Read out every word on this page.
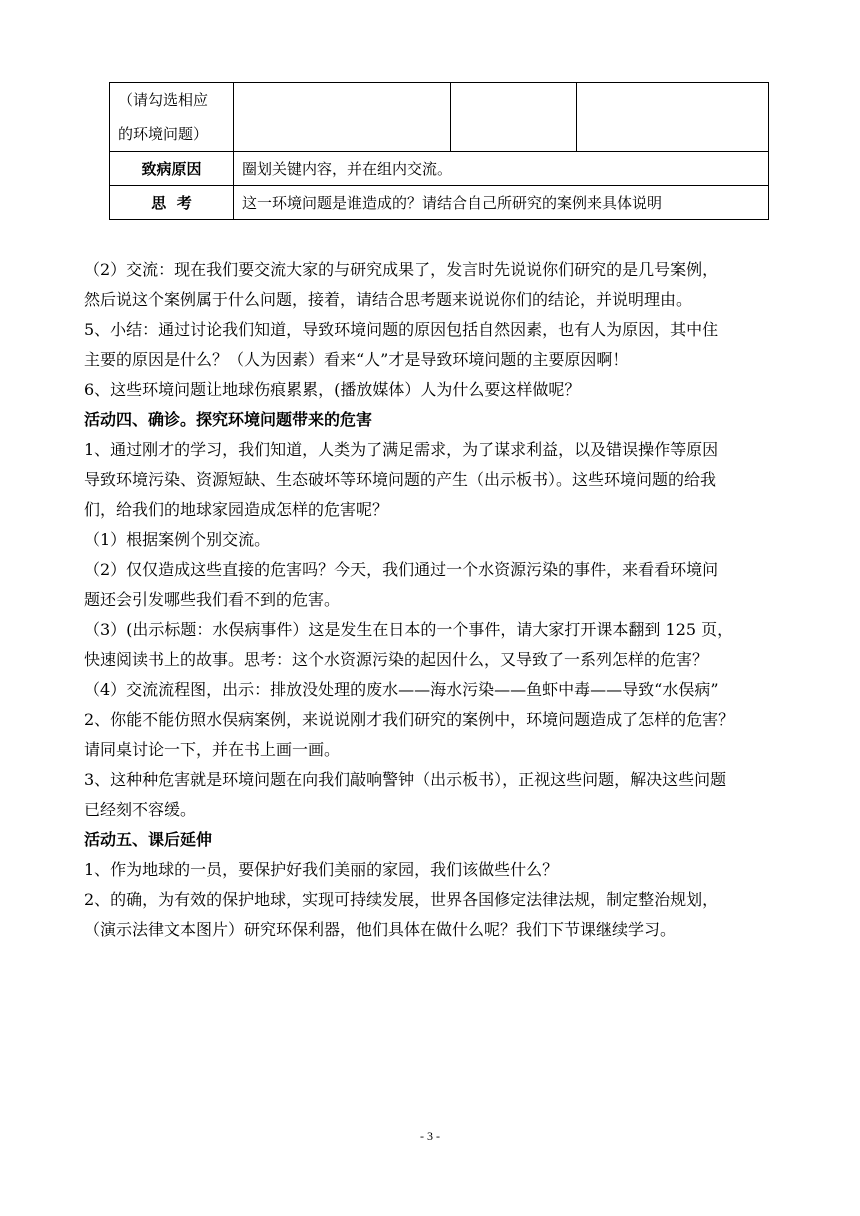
（请勾选相应
的环境问题）			

致病原因	圈划关键内容，并在组内交流。		
思  考	这一环境问题是谁造成的？请结合自己所研究的案例来具体说明		

（2）交流：现在我们要交流大家的与研究成果了，发言时先说说你们研究的是几号案例，

然后说这个案例属于什么问题，接着，请结合思考题来说说你们的结论，并说明理由。

5、小结：通过讨论我们知道，导致环境问题的原因包括自然因素，也有人为原因，其中住

主要的原因是什么？（人为因素）看来“人”才是导致环境问题的主要原因啊！

6、这些环境问题让地球伤痕累累，(播放媒体）人为什么要这样做呢？

活动四、确诊。探究环境问题带来的危害

1、通过刚才的学习，我们知道，人类为了满足需求，为了谋求利益，以及错误操作等原因

导致环境污染、资源短缺、生态破坏等环境问题的产生（出示板书）。这些环境问题的给我

们，给我们的地球家园造成怎样的危害呢？

（1）根据案例个别交流。

（2）仅仅造成这些直接的危害吗？今天，我们通过一个水资源污染的事件，来看看环境问

题还会引发哪些我们看不到的危害。

（3）(出示标题：水俣病事件）这是发生在日本的一个事件，请大家打开课本翻到 125 页，

快速阅读书上的故事。思考：这个水资源污染的起因什么，又导致了一系列怎样的危害？

（4）交流流程图，出示：排放没处理的废水——海水污染——鱼虾中毒——导致“水俣病”

2、你能不能仿照水俣病案例，来说说刚才我们研究的案例中，环境问题造成了怎样的危害？

请同桌讨论一下，并在书上画一画。

3、这种种危害就是环境问题在向我们敲响警钟（出示板书），正视这些问题，解决这些问题

已经刻不容缓。

活动五、课后延伸

1、作为地球的一员，要保护好我们美丽的家园，我们该做些什么？

2、的确，为有效的保护地球，实现可持续发展，世界各国修定法律法规，制定整治规划，

（演示法律文本图片）研究环保利器，他们具体在做什么呢？我们下节课继续学习。

- 3 -
